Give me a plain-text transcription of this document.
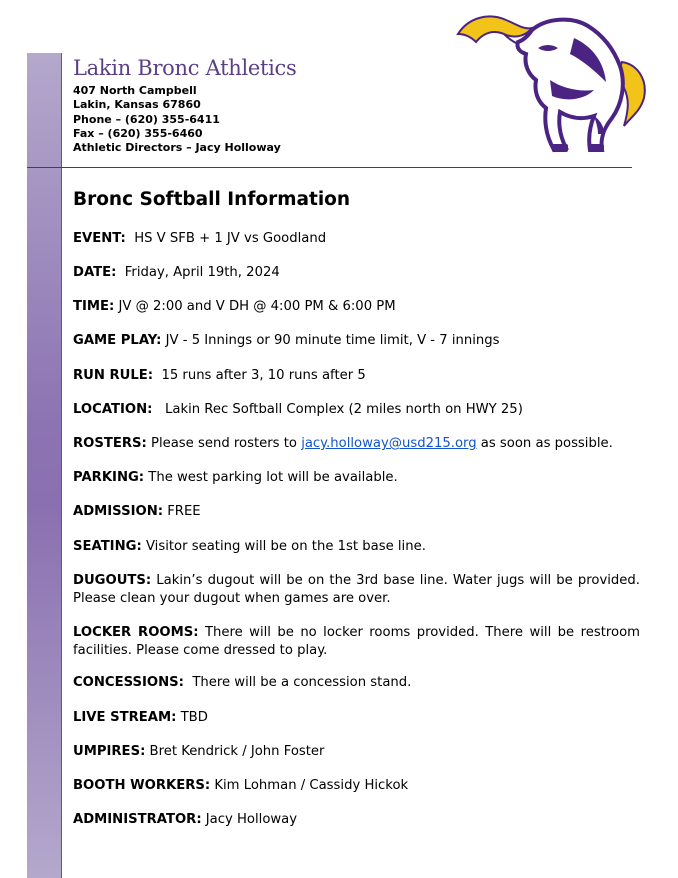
Lakin Bronc Athletics
407 North Campbell
Lakin, Kansas 67860
Phone – (620) 355-6411
Fax – (620) 355-6460
Athletic Directors – Jacy Holloway
Bronc Softball Information
EVENT: HS V SFB + 1 JV vs Goodland
DATE: Friday, April 19th, 2024
TIME: JV @ 2:00 and V DH @ 4:00 PM & 6:00 PM
GAME PLAY: JV - 5 Innings or 90 minute time limit, V - 7 innings
RUN RULE: 15 runs after 3, 10 runs after 5
LOCATION: Lakin Rec Softball Complex (2 miles north on HWY 25)
ROSTERS: Please send rosters to jacy.holloway@usd215.org as soon as possible.
PARKING: The west parking lot will be available.
ADMISSION: FREE
SEATING: Visitor seating will be on the 1st base line.
DUGOUTS: Lakin’s dugout will be on the 3rd base line. Water jugs will be provided. Please clean your dugout when games are over.
LOCKER ROOMS: There will be no locker rooms provided. There will be restroom facilities. Please come dressed to play.
CONCESSIONS: There will be a concession stand.
LIVE STREAM: TBD
UMPIRES: Bret Kendrick / John Foster
BOOTH WORKERS: Kim Lohman / Cassidy Hickok
ADMINISTRATOR: Jacy Holloway
